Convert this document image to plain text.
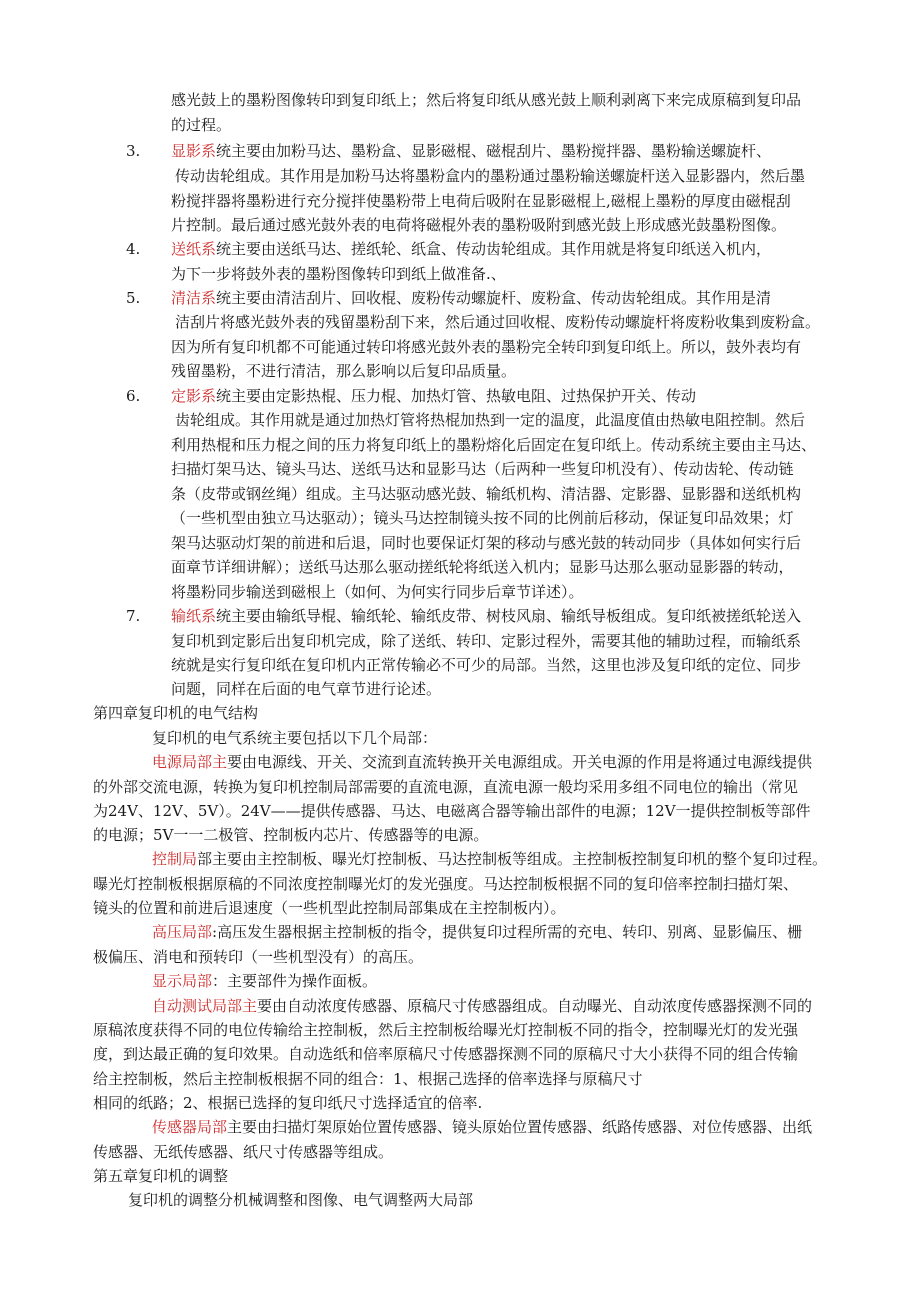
感光鼓上的墨粉图像转印到复印纸上；然后将复印纸从感光鼓上顺利剥离下来完成原稿到复印品
的过程。
3. 显影系统主要由加粉马达、墨粉盒、显影磁棍、磁棍刮片、墨粉搅拌器、墨粉输送螺旋杆、
传动齿轮组成。其作用是加粉马达将墨粉盒内的墨粉通过墨粉输送螺旋杆送入显影器内，然后墨
粉搅拌器将墨粉进行充分搅拌使墨粉带上电荷后吸附在显影磁棍上,磁棍上墨粉的厚度由磁棍刮
片控制。最后通过感光鼓外表的电荷将磁棍外表的墨粉吸附到感光鼓上形成感光鼓墨粉图像。
4. 送纸系统主要由送纸马达、搓纸轮、纸盒、传动齿轮组成。其作用就是将复印纸送入机内，
为下一步将鼓外表的墨粉图像转印到纸上做准备.、
5. 清洁系统主要由清洁刮片、回收棍、废粉传动螺旋杆、废粉盒、传动齿轮组成。其作用是清
洁刮片将感光鼓外表的残留墨粉刮下来，然后通过回收棍、废粉传动螺旋杆将废粉收集到废粉盒。
因为所有复印机都不可能通过转印将感光鼓外表的墨粉完全转印到复印纸上。所以，鼓外表均有
残留墨粉，不进行清洁，那么影响以后复印品质量。
6. 定影系统主要由定影热棍、压力棍、加热灯管、热敏电阻、过热保护开关、传动
齿轮组成。其作用就是通过加热灯管将热棍加热到一定的温度，此温度值由热敏电阻控制。然后
利用热棍和压力棍之间的压力将复印纸上的墨粉熔化后固定在复印纸上。传动系统主要由主马达、
扫描灯架马达、镜头马达、送纸马达和显影马达（后两种一些复印机没有）、传动齿轮、传动链
条（皮带或钢丝绳）组成。主马达驱动感光鼓、输纸机构、清洁器、定影器、显影器和送纸机构
（一些机型由独立马达驱动）；镜头马达控制镜头按不同的比例前后移动，保证复印品效果；灯
架马达驱动灯架的前进和后退，同时也要保证灯架的移动与感光鼓的转动同步（具体如何实行后
面章节详细讲解）；送纸马达那么驱动搓纸轮将纸送入机内；显影马达那么驱动显影器的转动，
将墨粉同步输送到磁根上（如何、为何实行同步后章节详述）。
7. 输纸系统主要由输纸导棍、输纸轮、输纸皮带、树枝风扇、输纸导板组成。复印纸被搓纸轮送入
复印机到定影后出复印机完成，除了送纸、转印、定影过程外，需要其他的辅助过程，而输纸系
统就是实行复印纸在复印机内正常传输必不可少的局部。当然，这里也涉及复印纸的定位、同步
问题，同样在后面的电气章节进行论述。
第四章复印机的电气结构
复印机的电气系统主要包括以下几个局部：
电源局部主要由电源线、开关、交流到直流转换开关电源组成。开关电源的作用是将通过电源线提供
的外部交流电源，转换为复印机控制局部需要的直流电源，直流电源一般均采用多组不同电位的输出（常见
为24V、12V、5V）。24V——提供传感器、马达、电磁离合器等输出部件的电源；12V一提供控制板等部件
的电源；5V一一二极管、控制板内芯片、传感器等的电源。
控制局部主要由主控制板、曝光灯控制板、马达控制板等组成。主控制板控制复印机的整个复印过程。
曝光灯控制板根据原稿的不同浓度控制曝光灯的发光强度。马达控制板根据不同的复印倍率控制扫描灯架、
镜头的位置和前进后退速度（一些机型此控制局部集成在主控制板内）。
高压局部:高压发生器根据主控制板的指令，提供复印过程所需的充电、转印、别离、显影偏压、栅
极偏压、消电和预转印（一些机型没有）的高压。
显示局部：主要部件为操作面板。
自动测试局部主要由自动浓度传感器、原稿尺寸传感器组成。自动曝光、自动浓度传感器探测不同的
原稿浓度获得不同的电位传输给主控制板，然后主控制板给曝光灯控制板不同的指令，控制曝光灯的发光强
度，到达最正确的复印效果。自动选纸和倍率原稿尺寸传感器探测不同的原稿尺寸大小获得不同的组合传输
给主控制板，然后主控制板根据不同的组合：1、根据己选择的倍率选择与原稿尺寸
相同的纸路；2、根据已选择的复印纸尺寸选择适宜的倍率.
传感器局部主要由扫描灯架原始位置传感器、镜头原始位置传感器、纸路传感器、对位传感器、出纸
传感器、无纸传感器、纸尺寸传感器等组成。
第五章复印机的调整
复印机的调整分机械调整和图像、电气调整两大局部
